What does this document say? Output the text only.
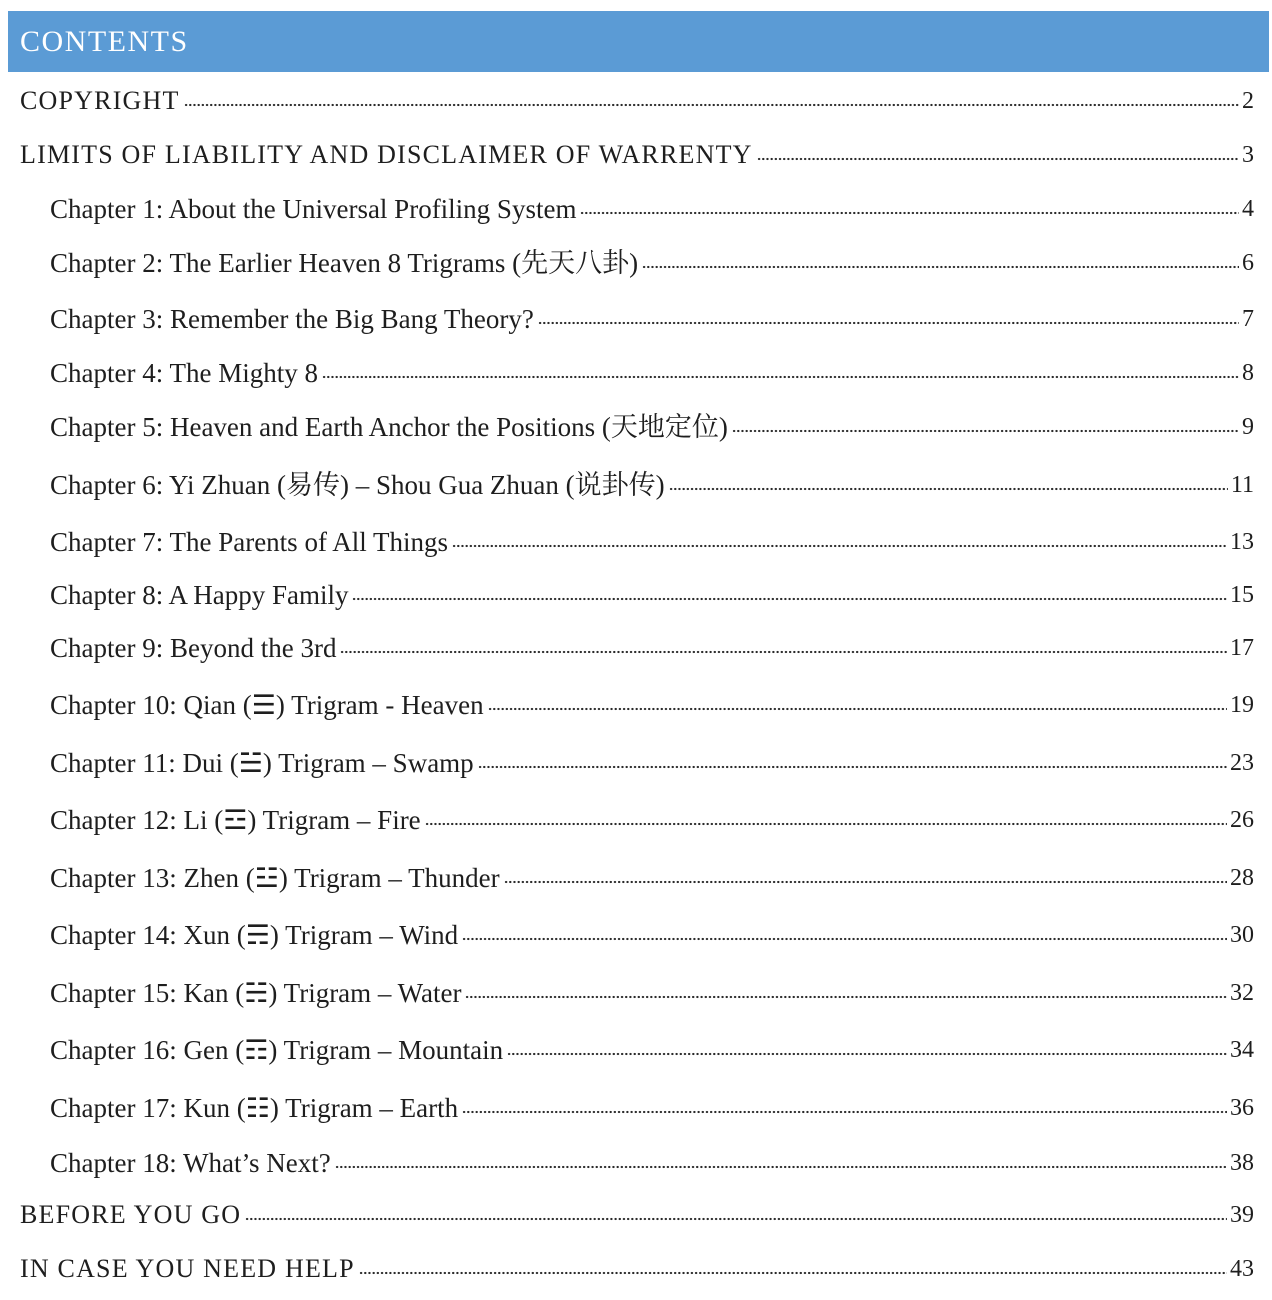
CONTENTS
COPYRIGHT	2
LIMITS OF LIABILITY AND DISCLAIMER OF WARRENTY	3
Chapter 1: About the Universal Profiling System	4
Chapter 2: The Earlier Heaven 8 Trigrams (先天八卦)	6
Chapter 3: Remember the Big Bang Theory?	7
Chapter 4: The Mighty 8	8
Chapter 5: Heaven and Earth Anchor the Positions (天地定位)	9
Chapter 6: Yi Zhuan (易传) – Shou Gua Zhuan (说卦传)	11
Chapter 7: The Parents of All Things	13
Chapter 8: A Happy Family	15
Chapter 9: Beyond the 3rd	17
Chapter 10: Qian (☰) Trigram - Heaven	19
Chapter 11: Dui (☱) Trigram – Swamp	23
Chapter 12: Li (☲) Trigram – Fire	26
Chapter 13: Zhen (☳) Trigram – Thunder	28
Chapter 14: Xun (☴) Trigram – Wind	30
Chapter 15: Kan (☵) Trigram – Water	32
Chapter 16: Gen (☶) Trigram – Mountain	34
Chapter 17: Kun (☷) Trigram – Earth	36
Chapter 18: What’s Next?	38
BEFORE YOU GO	39
IN CASE YOU NEED HELP	43
